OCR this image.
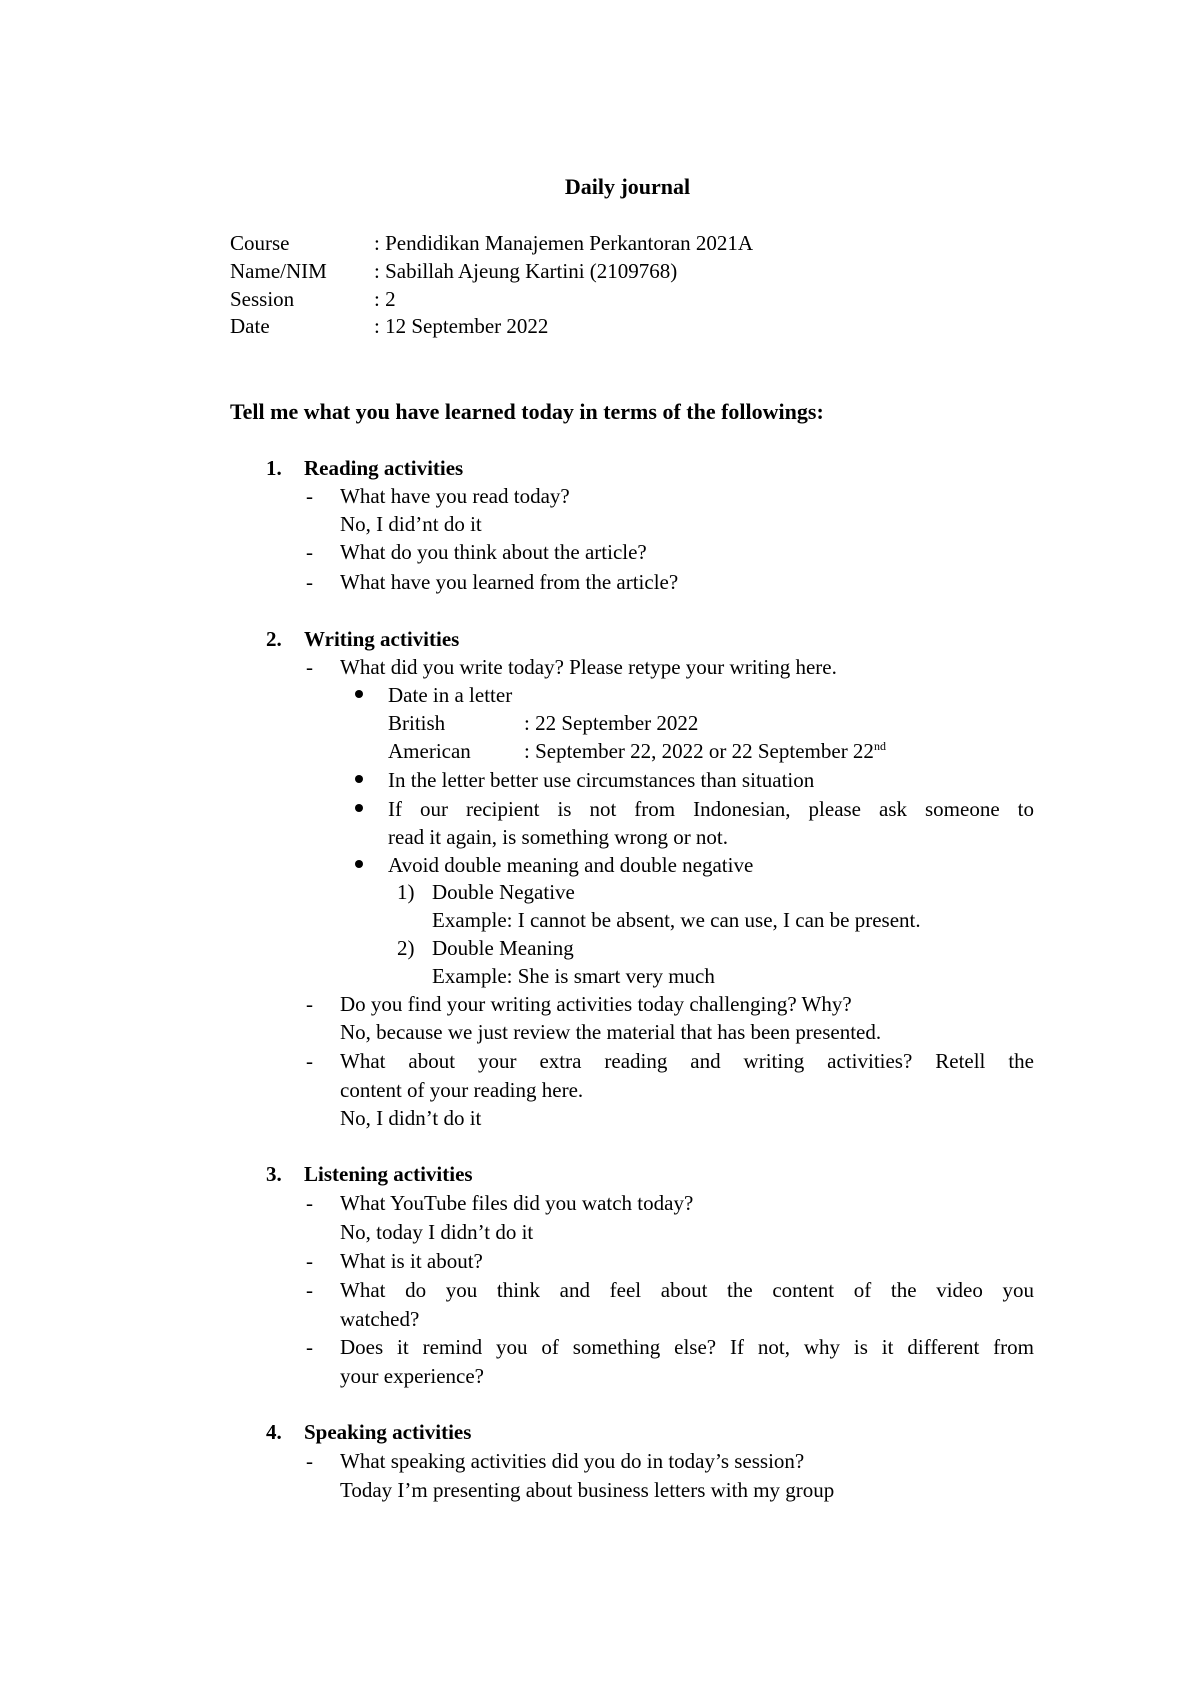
Daily journal
Course	: Pendidikan Manajemen Perkantoran 2021A
Name/NIM : Sabillah Ajeung Kartini (2109768)
Session	: 2
Date	: 12 September 2022
Tell me what you have learned today in terms of the followings:
1. Reading activities
- What have you read today?
No, I did’nt do it
- What do you think about the article?
- What have you learned from the article?
2. Writing activities
- What did you write today? Please retype your writing here.
Date in a letter
British	: 22 September 2022
American	: September 22, 2022 or 22 September 22nd
In the letter better use circumstances than situation
If our recipient is not from Indonesian, please ask someone to
read it again, is something wrong or not.
Avoid double meaning and double negative
1) Double Negative
Example: I cannot be absent, we can use, I can be present.
2) Double Meaning
Example: She is smart very much
- Do you find your writing activities today challenging? Why?
No, because we just review the material that has been presented.
- What about your extra reading and writing activities? Retell the
content of your reading here.
No, I didn’t do it
3. Listening activities
- What YouTube files did you watch today?
No, today I didn’t do it
- What is it about?
- What do you think and feel about the content of the video you
watched?
- Does it remind you of something else? If not, why is it different from
your experience?
4. Speaking activities
- What speaking activities did you do in today’s session?
Today I’m presenting about business letters with my group
